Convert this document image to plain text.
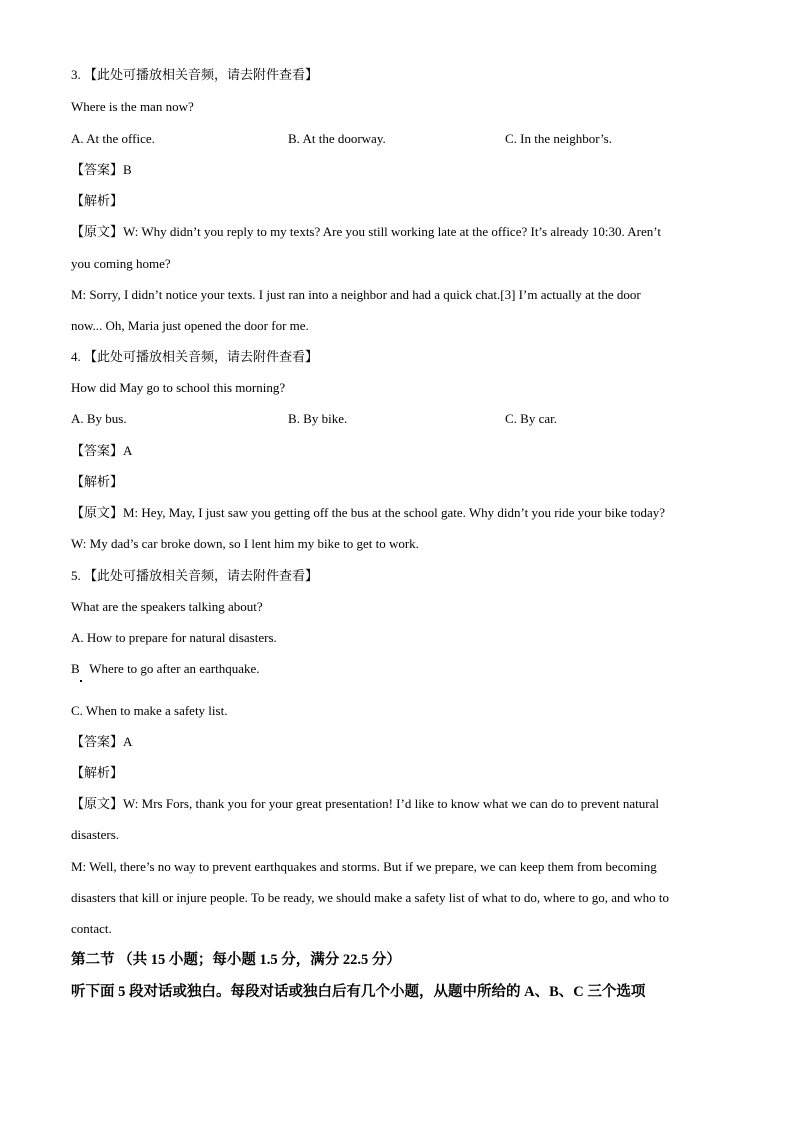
3. 【此处可播放相关音频，请去附件查看】
Where is the man now?
A. At the office.	B. At the doorway.	C. In the neighbor’s.
【答案】B
【解析】
【原文】W: Why didn’t you reply to my texts? Are you still working late at the office? It’s already 10:30. Aren’t
you coming home?
M: Sorry, I didn’t notice your texts. I just ran into a neighbor and had a quick chat.[3] I’m actually at the door
now... Oh, Maria just opened the door for me.
4. 【此处可播放相关音频，请去附件查看】
How did May go to school this morning?
A. By bus.	B. By bike.	C. By car.
【答案】A
【解析】
【原文】M: Hey, May, I just saw you getting off the bus at the school gate. Why didn’t you ride your bike today?
W: My dad’s car broke down, so I lent him my bike to get to work.
5. 【此处可播放相关音频，请去附件查看】
What are the speakers talking about?
A. How to prepare for natural disasters.
B   Where to go after an earthquake.
C. When to make a safety list.
【答案】A
【解析】
【原文】W: Mrs Fors, thank you for your great presentation! I’d like to know what we can do to prevent natural
disasters.
M: Well, there’s no way to prevent earthquakes and storms. But if we prepare, we can keep them from becoming
disasters that kill or injure people. To be ready, we should make a safety list of what to do, where to go, and who to
contact.
第二节 （共 15 小题；每小题 1.5 分，满分 22.5 分）
听下面 5 段对话或独白。每段对话或独白后有几个小题，从题中所给的 A、B、C 三个选项
